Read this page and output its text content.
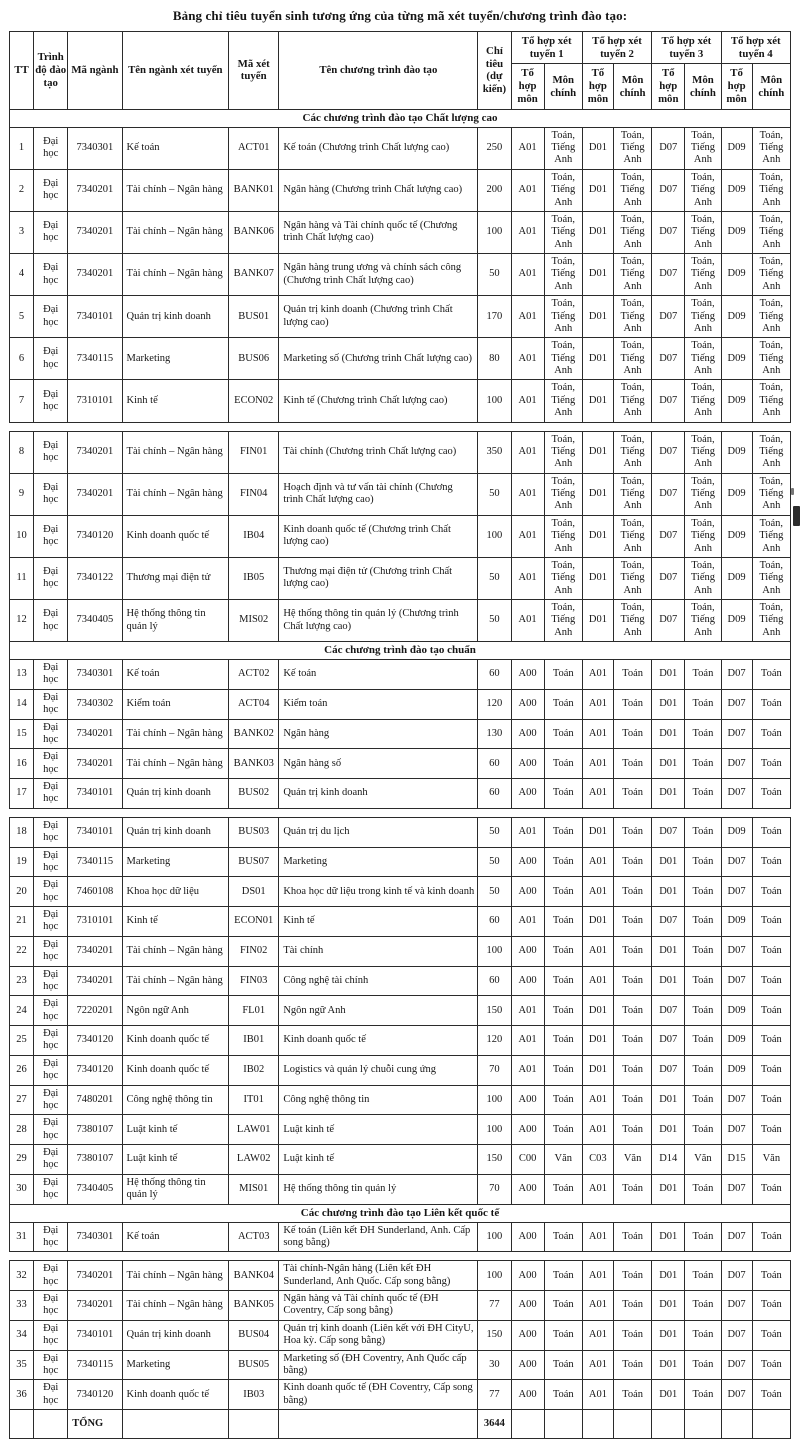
Bảng chỉ tiêu tuyển sinh tương ứng của từng mã xét tuyển/chương trình đào tạo:
TT	Trình độ đào tạo	Mã ngành	Tên ngành xét tuyển	Mã xét tuyển	Tên chương trình đào tạo	Chỉ tiêu (dự kiến)	Tổ hợp xét tuyển 1		Tổ hợp xét tuyển 2		Tổ hợp xét tuyển 3		Tổ hợp xét tuyển 4	
							Tổ hợp môn	Môn chính	Tổ hợp môn	Môn chính	Tổ hợp môn	Môn chính	Tổ hợp môn	Môn chính
Các chương trình đào tạo Chất lượng cao														
1	Đại học	7340301	Kế toán	ACT01	Kế toán (Chương trình Chất lượng cao)	250	A01	Toán, Tiếng Anh	D01	Toán, Tiếng Anh	D07	Toán, Tiếng Anh	D09	Toán, Tiếng Anh
2	Đại học	7340201	Tài chính – Ngân hàng	BANK01	Ngân hàng (Chương trình Chất lượng cao)	200	A01	Toán, Tiếng Anh	D01	Toán, Tiếng Anh	D07	Toán, Tiếng Anh	D09	Toán, Tiếng Anh
3	Đại học	7340201	Tài chính – Ngân hàng	BANK06	Ngân hàng và Tài chính quốc tế (Chương trình Chất lượng cao)	100	A01	Toán, Tiếng Anh	D01	Toán, Tiếng Anh	D07	Toán, Tiếng Anh	D09	Toán, Tiếng Anh
4	Đại học	7340201	Tài chính – Ngân hàng	BANK07	Ngân hàng trung ương và chính sách công (Chương trình Chất lượng cao)	50	A01	Toán, Tiếng Anh	D01	Toán, Tiếng Anh	D07	Toán, Tiếng Anh	D09	Toán, Tiếng Anh
5	Đại học	7340101	Quản trị kinh doanh	BUS01	Quản trị kinh doanh (Chương trình Chất lượng cao)	170	A01	Toán, Tiếng Anh	D01	Toán, Tiếng Anh	D07	Toán, Tiếng Anh	D09	Toán, Tiếng Anh
6	Đại học	7340115	Marketing	BUS06	Marketing số (Chương trình Chất lượng cao)	80	A01	Toán, Tiếng Anh	D01	Toán, Tiếng Anh	D07	Toán, Tiếng Anh	D09	Toán, Tiếng Anh
7	Đại học	7310101	Kinh tế	ECON02	Kinh tế (Chương trình Chất lượng cao)	100	A01	Toán, Tiếng Anh	D01	Toán, Tiếng Anh	D07	Toán, Tiếng Anh	D09	Toán, Tiếng Anh
8	Đại học	7340201	Tài chính – Ngân hàng	FIN01	Tài chính (Chương trình Chất lượng cao)	350	A01	Toán, Tiếng Anh	D01	Toán, Tiếng Anh	D07	Toán, Tiếng Anh	D09	Toán, Tiếng Anh
9	Đại học	7340201	Tài chính – Ngân hàng	FIN04	Hoạch định và tư vấn tài chính (Chương trình Chất lượng cao)	50	A01	Toán, Tiếng Anh	D01	Toán, Tiếng Anh	D07	Toán, Tiếng Anh	D09	Toán, Tiếng Anh
10	Đại học	7340120	Kinh doanh quốc tế	IB04	Kinh doanh quốc tế (Chương trình Chất lượng cao)	100	A01	Toán, Tiếng Anh	D01	Toán, Tiếng Anh	D07	Toán, Tiếng Anh	D09	Toán, Tiếng Anh
11	Đại học	7340122	Thương mại điện tử	IB05	Thương mại điện tử (Chương trình Chất lượng cao)	50	A01	Toán, Tiếng Anh	D01	Toán, Tiếng Anh	D07	Toán, Tiếng Anh	D09	Toán, Tiếng Anh
12	Đại học	7340405	Hệ thống thông tin quản lý	MIS02	Hệ thống thông tin quản lý (Chương trình Chất lượng cao)	50	A01	Toán, Tiếng Anh	D01	Toán, Tiếng Anh	D07	Toán, Tiếng Anh	D09	Toán, Tiếng Anh
Các chương trình đào tạo chuẩn														
13	Đại học	7340301	Kế toán	ACT02	Kế toán	60	A00	Toán	A01	Toán	D01	Toán	D07	Toán
14	Đại học	7340302	Kiểm toán	ACT04	Kiểm toán	120	A00	Toán	A01	Toán	D01	Toán	D07	Toán
15	Đại học	7340201	Tài chính – Ngân hàng	BANK02	Ngân hàng	130	A00	Toán	A01	Toán	D01	Toán	D07	Toán
16	Đại học	7340201	Tài chính – Ngân hàng	BANK03	Ngân hàng số	60	A00	Toán	A01	Toán	D01	Toán	D07	Toán
17	Đại học	7340101	Quản trị kinh doanh	BUS02	Quản trị kinh doanh	60	A00	Toán	A01	Toán	D01	Toán	D07	Toán
18	Đại học	7340101	Quản trị kinh doanh	BUS03	Quản trị du lịch	50	A01	Toán	D01	Toán	D07	Toán	D09	Toán
19	Đại học	7340115	Marketing	BUS07	Marketing	50	A00	Toán	A01	Toán	D01	Toán	D07	Toán
20	Đại học	7460108	Khoa học dữ liệu	DS01	Khoa học dữ liệu trong kinh tế và kinh doanh	50	A00	Toán	A01	Toán	D01	Toán	D07	Toán
21	Đại học	7310101	Kinh tế	ECON01	Kinh tế	60	A01	Toán	D01	Toán	D07	Toán	D09	Toán
22	Đại học	7340201	Tài chính – Ngân hàng	FIN02	Tài chính	100	A00	Toán	A01	Toán	D01	Toán	D07	Toán
23	Đại học	7340201	Tài chính – Ngân hàng	FIN03	Công nghệ tài chính	60	A00	Toán	A01	Toán	D01	Toán	D07	Toán
24	Đại học	7220201	Ngôn ngữ Anh	FL01	Ngôn ngữ Anh	150	A01	Toán	D01	Toán	D07	Toán	D09	Toán
25	Đại học	7340120	Kinh doanh quốc tế	IB01	Kinh doanh quốc tế	120	A01	Toán	D01	Toán	D07	Toán	D09	Toán
26	Đại học	7340120	Kinh doanh quốc tế	IB02	Logistics và quản lý chuỗi cung ứng	70	A01	Toán	D01	Toán	D07	Toán	D09	Toán
27	Đại học	7480201	Công nghệ thông tin	IT01	Công nghệ thông tin	100	A00	Toán	A01	Toán	D01	Toán	D07	Toán
28	Đại học	7380107	Luật kinh tế	LAW01	Luật kinh tế	100	A00	Toán	A01	Toán	D01	Toán	D07	Toán
29	Đại học	7380107	Luật kinh tế	LAW02	Luật kinh tế	150	C00	Văn	C03	Văn	D14	Văn	D15	Văn
30	Đại học	7340405	Hệ thống thông tin quản lý	MIS01	Hệ thống thông tin quản lý	70	A00	Toán	A01	Toán	D01	Toán	D07	Toán
Các chương trình đào tạo Liên kết quốc tế														
31	Đại học	7340301	Kế toán	ACT03	Kế toán (Liên kết ĐH Sunderland, Anh. Cấp song bằng)	100	A00	Toán	A01	Toán	D01	Toán	D07	Toán
32	Đại học	7340201	Tài chính – Ngân hàng	BANK04	Tài chính-Ngân hàng (Liên kết ĐH Sunderland, Anh Quốc. Cấp song bằng)	100	A00	Toán	A01	Toán	D01	Toán	D07	Toán
33	Đại học	7340201	Tài chính – Ngân hàng	BANK05	Ngân hàng và Tài chính quốc tế (ĐH Coventry, Cấp song bằng)	77	A00	Toán	A01	Toán	D01	Toán	D07	Toán
34	Đại học	7340101	Quản trị kinh doanh	BUS04	Quản trị kinh doanh (Liên kết với ĐH CityU, Hoa kỳ. Cấp song bằng)	150	A00	Toán	A01	Toán	D01	Toán	D07	Toán
35	Đại học	7340115	Marketing	BUS05	Marketing số (ĐH Coventry, Anh Quốc cấp bằng)	30	A00	Toán	A01	Toán	D01	Toán	D07	Toán
36	Đại học	7340120	Kinh doanh quốc tế	IB03	Kinh doanh quốc tế (ĐH Coventry, Cấp song bằng)	77	A00	Toán	A01	Toán	D01	Toán	D07	Toán
		TỔNG				3644								
